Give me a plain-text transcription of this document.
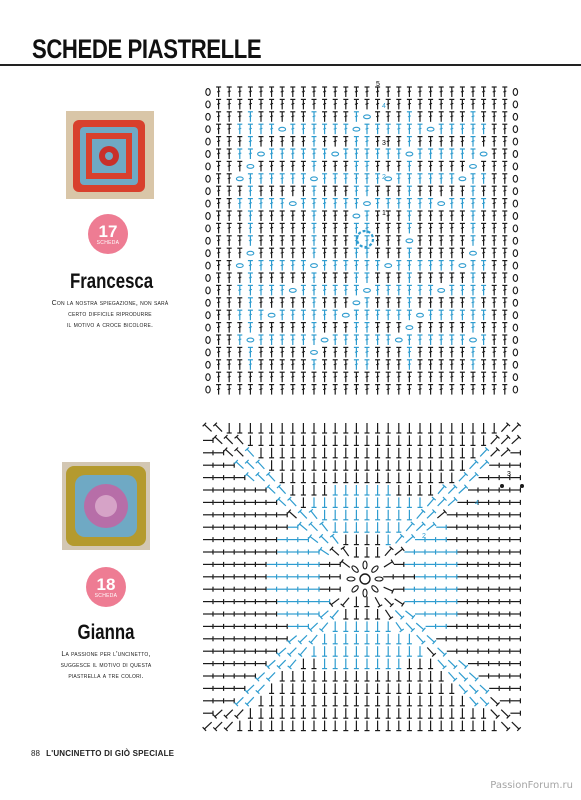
SCHEDE PIASTRELLE
17
SCHEDA
Francesca

Con la nostra spiegazione, non sarà
certo difficile riprodurre
il motivo a croce bicolore.

18
SCHEDA
Gianna

La passione per l'uncinetto,
suggesce il motivo di questa
piastrella a tre colori.

5
4
3
2
1
3
4
2
88 L'UNCINETTO DI GIÒ SPECIALE
PassionForum.ru
